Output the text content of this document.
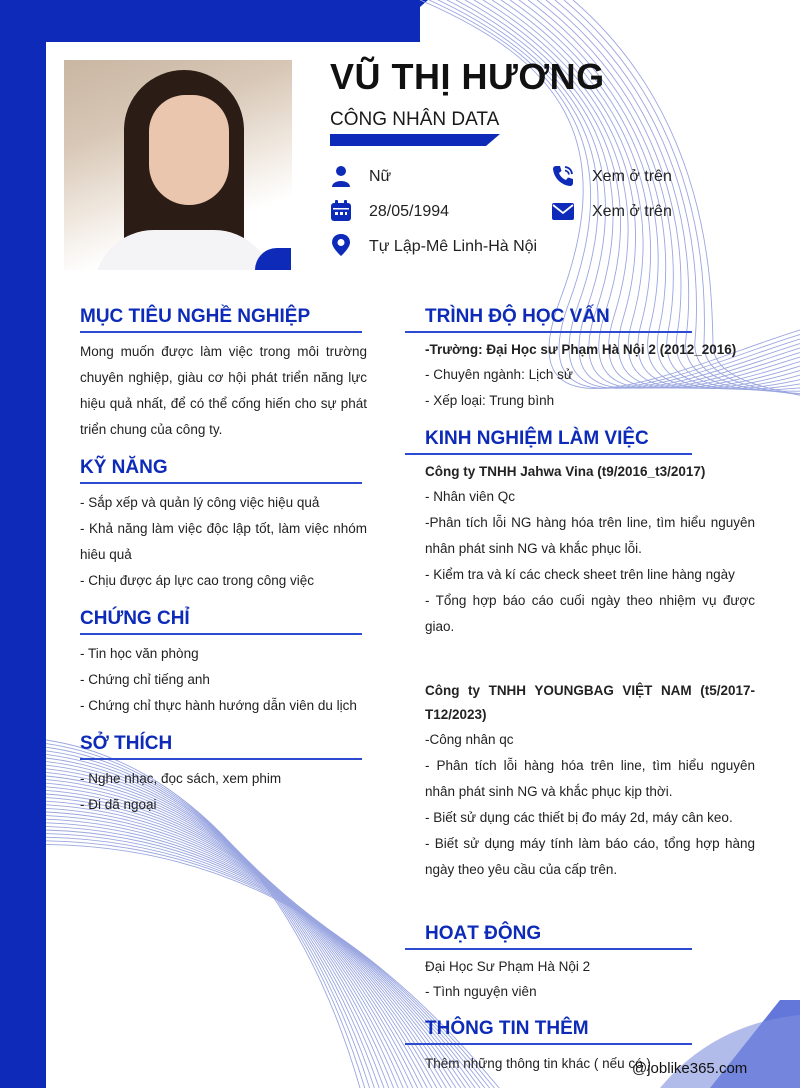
VŨ THỊ HƯƠNG
CÔNG NHÂN DATA
Nữ
28/05/1994
Tự Lập-Mê Linh-Hà Nội
Xem ở trên
Xem ở trên
MỤC TIÊU NGHỀ NGHIỆP
Mong muốn được làm việc trong môi trường chuyên nghiệp, giàu cơ hội phát triển năng lực hiệu quả nhất, để có thể cống hiến cho sự phát triển chung của công ty.
KỸ NĂNG
- Sắp xếp và quản lý công việc hiệu quả
- Khả năng làm việc độc lập tốt, làm việc nhóm hiêu quả
- Chịu được áp lực cao trong công việc
CHỨNG CHỈ
- Tin học văn phòng
- Chứng chỉ tiếng anh
- Chứng chỉ thực hành hướng dẫn viên du lịch
SỞ THÍCH
- Nghe nhạc, đọc sách, xem phim
- Đi dã ngoại
TRÌNH ĐỘ HỌC VẤN
-Trường: Đại Học sư Phạm Hà Nội 2 (2012_2016)
- Chuyên ngành: Lịch sử
- Xếp loại: Trung bình
KINH NGHIỆM LÀM VIỆC
Công ty TNHH Jahwa Vina (t9/2016_t3/2017)
- Nhân viên Qc
-Phân tích lỗi NG hàng hóa trên line, tìm hiểu nguyên nhân phát sinh NG và khắc phục lỗi.
- Kiểm tra và kí các check sheet trên line hàng ngày
- Tổng hợp báo cáo cuối ngày theo nhiệm vụ được giao.
Công ty TNHH YOUNGBAG VIỆT NAM (t5/2017-T12/2023)
-Công nhân qc
- Phân tích lỗi hàng hóa trên line, tìm hiểu nguyên nhân phát sinh NG và khắc phục kịp thời.
- Biết sử dụng các thiết bị đo máy 2d, máy cân keo.
- Biết sử dụng máy tính làm báo cáo, tổng hợp hàng ngày theo yêu cầu của cấp trên.
HOẠT ĐỘNG
Đại Học Sư Phạm Hà Nội 2
- Tình nguyện viên
THÔNG TIN THÊM
Thêm những thông tin khác ( nếu có )
@joblike365.com
